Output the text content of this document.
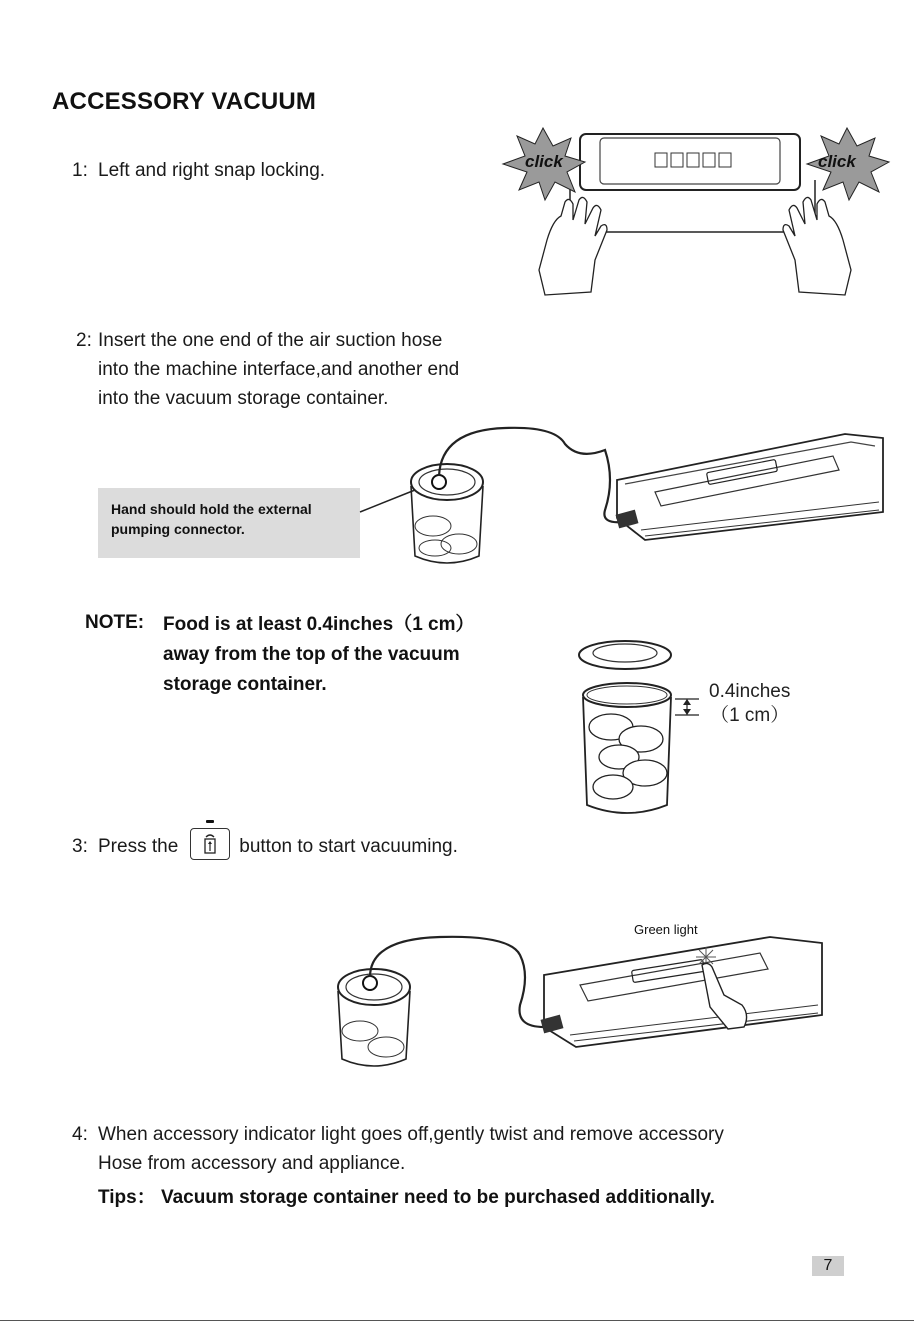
ACCESSORY VACUUM
1: Left and right snap locking.	click	click
2: Insert the one end of the air suction hose
into the machine interface,and another end
into the vacuum storage container.
Hand should hold the external
pumping connector.
NOTE: Food is at least 0.4inches（1 cm）
away from the top of the vacuum
storage container.	0.4inches
（1 cm）
3: Press the	button to start vacuuming.
Green light
4: When accessory indicator light goes off,gently twist and remove accessory
Hose from accessory and appliance.
Tips： Vacuum storage container need to be purchased additionally.
7
